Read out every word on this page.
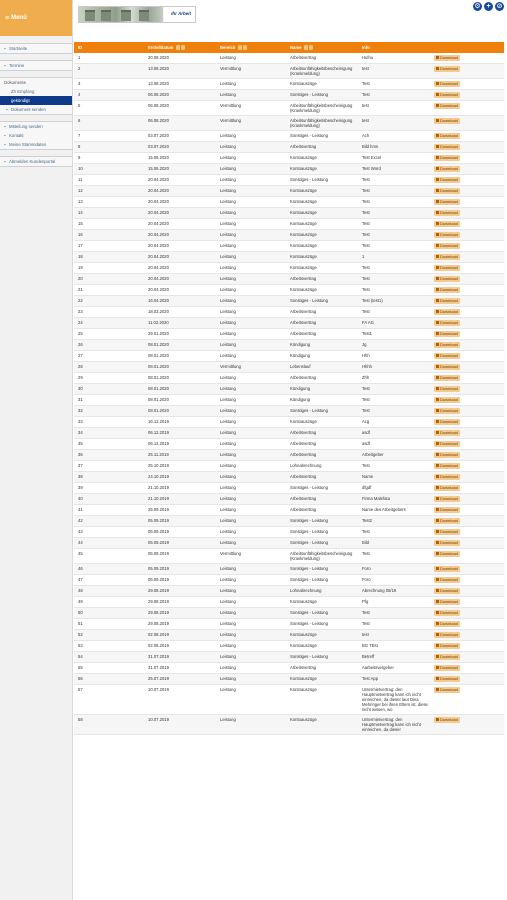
≡ Menü
▪ Startseite
▪ Termine
Dokumente
Zh Empfang
gekündigt
▪ Dokument senden
▪ Mitteilung senden
▪ Kontakt
▪ Meine Stammdaten
▪ Abmelden Kundenportal
Ihr Arbeit
⚙ + ⊘
ID	Erstelldatum	Bereich	Name	Info	
1	20.08.2020	Leistung	Arbeitsvertrag	Hufnu	Download
2	13.08.2020	Vermittlung	Arbeitsunfähigkeitsbescheinigung (Krankmeldung)	test	Download
3	13.08.2020	Leistung	Kontoauszüge	Test	Download
4	06.08.2020	Leistung	Sonstiges - Leistung	Test	Download
5	06.08.2020	Vermittlung	Arbeitsunfähigkeitsbescheinigung (Krankmeldung)	test	Download
6	06.08.2020	Vermittlung	Arbeitsunfähigkeitsbescheinigung (Krankmeldung)	test	Download
7	03.07.2020	Leistung	Sonstiges - Leistung	Ach	Download
8	03.07.2020	Leistung	Arbeitsvertrag	Bild hmn	Download
9	15.06.2020	Leistung	Kontoauszüge	Test Excel	Download
10	15.06.2020	Leistung	Kontoauszüge	Test Word	Download
11	20.04.2020	Leistung	Sonstiges - Leistung	Test	Download
12	20.04.2020	Leistung	Kontoauszüge	Test	Download
13	20.04.2020	Leistung	Kontoauszüge	Test	Download
14	20.04.2020	Leistung	Kontoauszüge	Test	Download
15	20.04.2020	Leistung	Kontoauszüge	Test	Download
16	20.04.2020	Leistung	Kontoauszüge	Test	Download
17	20.04.2020	Leistung	Kontoauszüge	Test	Download
18	20.04.2020	Leistung	Kontoauszüge	1	Download
19	20.04.2020	Leistung	Kontoauszüge	Test	Download
20	20.04.2020	Leistung	Arbeitsvertrag	Test	Download
21	20.04.2020	Leistung	Kontoauszüge	Test	Download
22	16.04.2020	Leistung	Sonstiges - Leistung	Test (test1)	Download
23	18.03.2020	Leistung	Arbeitsvertrag	Test	Download
24	11.02.2020	Leistung	Arbeitsvertrag	FA AG	Download
25	29.01.2020	Leistung	Arbeitsvertrag	Test1	Download
26	08.01.2020	Leistung	Kündigung	Jg	Download
27	08.01.2020	Leistung	Kündigung	Hhh	Download
28	08.01.2020	Vermittlung	Lebenslauf	Hhhh	Download
29	08.01.2020	Leistung	Arbeitsvertrag	Zhh	Download
30	08.01.2020	Leistung	Kündigung	Test	Download
31	08.01.2020	Leistung	Kündigung	Test	Download
32	08.01.2020	Leistung	Sonstiges - Leistung	Test	Download
33	16.12.2019	Leistung	Kontoauszüge	Acg	Download
34	06.12.2019	Leistung	Arbeitsvertrag	asdf	Download
35	06.12.2019	Leistung	Arbeitsvertrag	asdf	Download
36	25.11.2019	Leistung	Arbeitsvertrag	Arbeitgeber	Download
37	25.10.2019	Leistung	Lohnabrechnung	Test	Download
38	24.10.2019	Leistung	Arbeitsvertrag	Name	Download
39	21.10.2019	Leistung	Sonstiges - Leistung	dfgdf	Download
40	21.10.2019	Leistung	Arbeitsvertrag	Firma Malefata	Download
41	25.09.2019	Leistung	Arbeitsvertrag	Name des Arbeitgebers	Download
42	05.09.2019	Leistung	Sonstiges - Leistung	Test2	Download
43	05.09.2019	Leistung	Sonstiges - Leistung	Test	Download
44	05.09.2019	Leistung	Sonstiges - Leistung	Bild	Download
45	05.09.2019	Vermittlung	Arbeitsunfähigkeitsbescheinigung (Krankmeldung)	Test	Download
46	05.09.2019	Leistung	Sonstiges - Leistung	Foro	Download
47	05.09.2019	Leistung	Sonstiges - Leistung	Foro	Download
48	29.08.2019	Leistung	Lohnabrechnung	Abrechnung 08/19	Download
49	29.08.2019	Leistung	Kontoauszüge	Pfg	Download
50	29.08.2019	Leistung	Sonstiges - Leistung	Test	Download
51	29.08.2019	Leistung	Sonstiges - Leistung	Test	Download
52	02.08.2019	Leistung	Kontoauszüge	test	Download
53	02.08.2019	Leistung	Kontoauszüge	BG TEst	Download
54	31.07.2019	Leistung	Sonstiges - Leistung	Betreff	Download
55	31.07.2019	Leistung	Arbeitsvertrag	Aarbeitsvergeber	Download
56	25.07.2019	Leistung	Kontoauszüge	Test App	Download
57	10.07.2019	Leistung	Kontoauszüge	Untermietvertrag: den Hauptmietvertrag kann ich nicht einreichen, da dieser laut Dina Mehringer bei ihren Eltern ist. diese nicht wissen, wo	Download
58	10.07.2019	Leistung	Kontoauszüge	Untermietvertrag: den Hauptmietvertrag kann ich nicht einreichen, da dieser	Download
